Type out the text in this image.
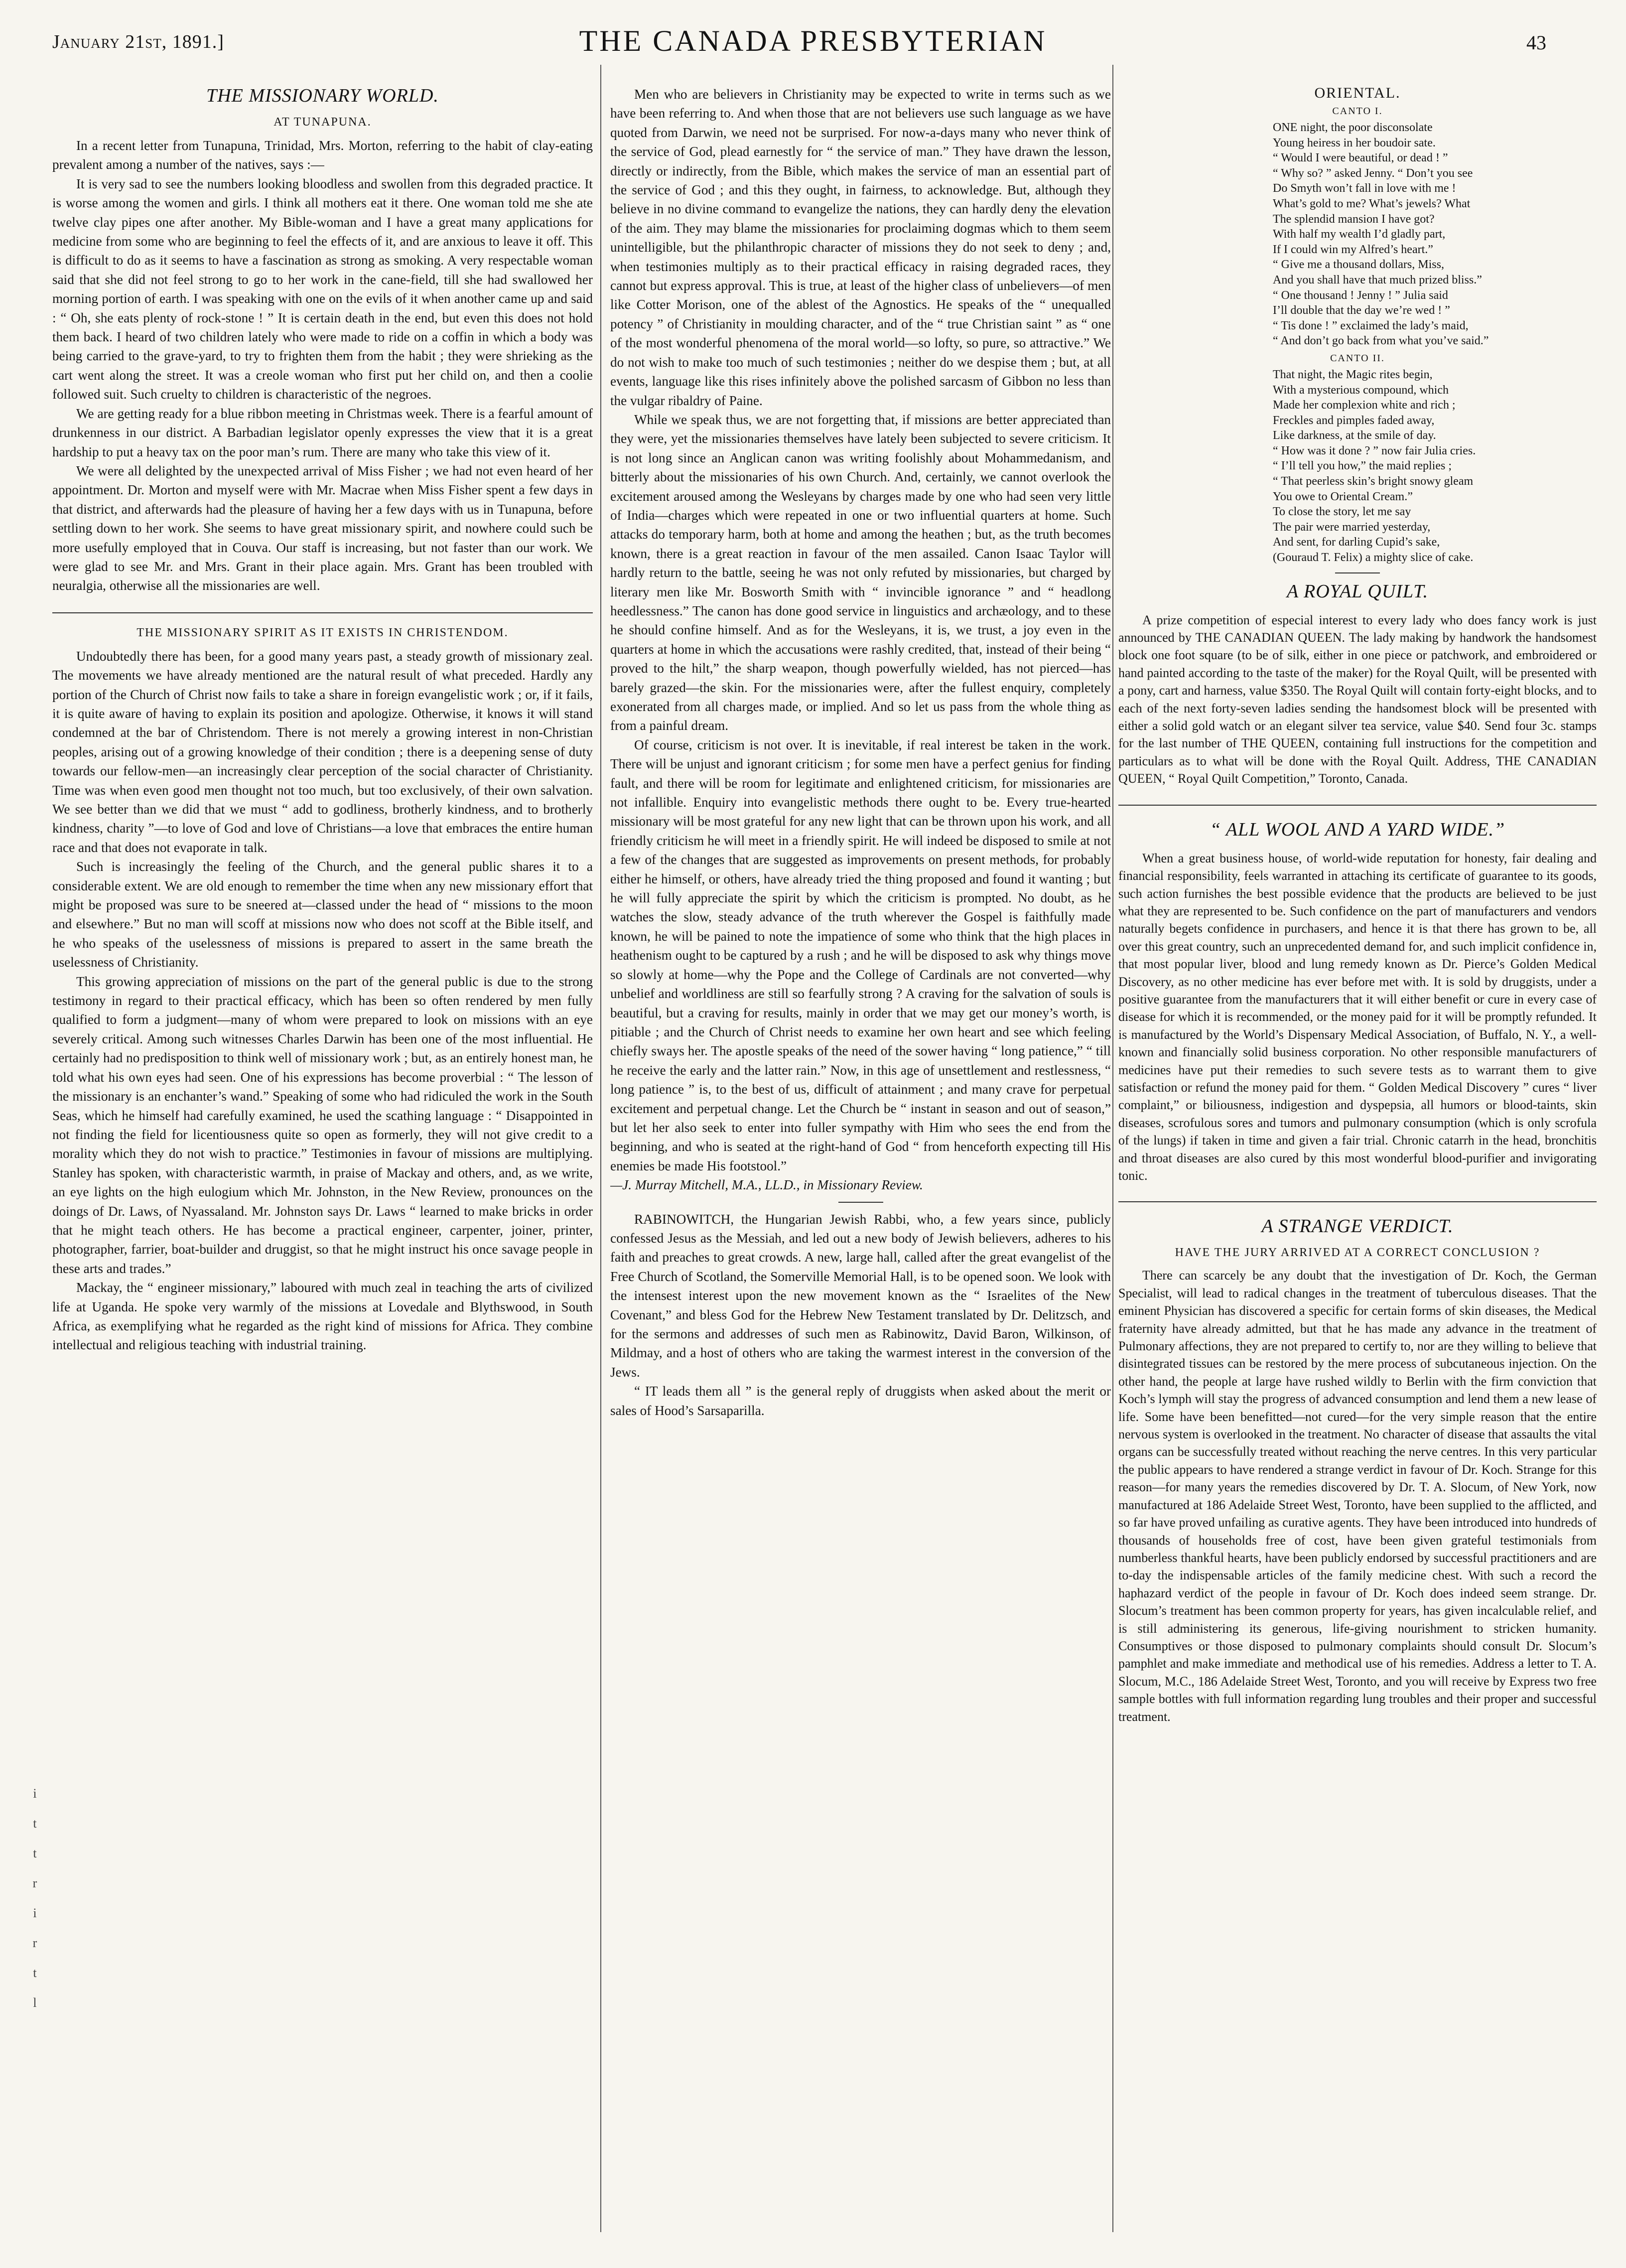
January 21st, 1891.]	THE CANADA PRESBYTERIAN	43
i
t
t
r
i
r
t
l
THE MISSIONARY WORLD.
AT TUNAPUNA.

In a recent letter from Tunapuna, Trinidad, Mrs. Morton, referring to the habit of clay-eating prevalent among a number of the natives, says :—

It is very sad to see the numbers looking bloodless and swollen from this degraded practice. It is worse among the women and girls. I think all mothers eat it there. One woman told me she ate twelve clay pipes one after another. My Bible-woman and I have a great many applications for medicine from some who are beginning to feel the effects of it, and are anxious to leave it off. This is difficult to do as it seems to have a fascination as strong as smoking. A very respectable woman said that she did not feel strong to go to her work in the cane-field, till she had swallowed her morning portion of earth. I was speaking with one on the evils of it when another came up and said : “ Oh, she eats plenty of rock-stone ! ” It is certain death in the end, but even this does not hold them back. I heard of two children lately who were made to ride on a coffin in which a body was being carried to the grave-yard, to try to frighten them from the habit ; they were shrieking as the cart went along the street. It was a creole woman who first put her child on, and then a coolie followed suit. Such cruelty to children is characteristic of the negroes.

We are getting ready for a blue ribbon meeting in Christmas week. There is a fearful amount of drunkenness in our district. A Barbadian legislator openly expresses the view that it is a great hardship to put a heavy tax on the poor man’s rum. There are many who take this view of it.

We were all delighted by the unexpected arrival of Miss Fisher ; we had not even heard of her appointment. Dr. Morton and myself were with Mr. Macrae when Miss Fisher spent a few days in that district, and afterwards had the pleasure of having her a few days with us in Tunapuna, before settling down to her work. She seems to have great missionary spirit, and nowhere could such be more usefully employed that in Couva. Our staff is increasing, but not faster than our work. We were glad to see Mr. and Mrs. Grant in their place again. Mrs. Grant has been troubled with neuralgia, otherwise all the missionaries are well.

THE MISSIONARY SPIRIT AS IT EXISTS IN CHRISTENDOM.

Undoubtedly there has been, for a good many years past, a steady growth of missionary zeal. The movements we have already mentioned are the natural result of what preceded. Hardly any portion of the Church of Christ now fails to take a share in foreign evangelistic work ; or, if it fails, it is quite aware of having to explain its position and apologize. Otherwise, it knows it will stand condemned at the bar of Christendom. There is not merely a growing interest in non-Christian peoples, arising out of a growing knowledge of their condition ; there is a deepening sense of duty towards our fellow-men—an increasingly clear perception of the social character of Christianity. Time was when even good men thought not too much, but too exclusively, of their own salvation. We see better than we did that we must “ add to godliness, brotherly kindness, and to brotherly kindness, charity ”—to love of God and love of Christians—a love that embraces the entire human race and that does not evaporate in talk.

Such is increasingly the feeling of the Church, and the general public shares it to a considerable extent. We are old enough to remember the time when any new missionary effort that might be proposed was sure to be sneered at—classed under the head of “ missions to the moon and elsewhere.” But no man will scoff at missions now who does not scoff at the Bible itself, and he who speaks of the uselessness of missions is prepared to assert in the same breath the uselessness of Christianity.

This growing appreciation of missions on the part of the general public is due to the strong testimony in regard to their practical efficacy, which has been so often rendered by men fully qualified to form a judgment—many of whom were prepared to look on missions with an eye severely critical. Among such witnesses Charles Darwin has been one of the most influential. He certainly had no predisposition to think well of missionary work ; but, as an entirely honest man, he told what his own eyes had seen. One of his expressions has become proverbial : “ The lesson of the missionary is an enchanter’s wand.” Speaking of some who had ridiculed the work in the South Seas, which he himself had carefully examined, he used the scathing language : “ Disappointed in not finding the field for licentiousness quite so open as formerly, they will not give credit to a morality which they do not wish to practice.” Testimonies in favour of missions are multiplying. Stanley has spoken, with characteristic warmth, in praise of Mackay and others, and, as we write, an eye lights on the high eulogium which Mr. Johnston, in the New Review, pronounces on the doings of Dr. Laws, of Nyassaland. Mr. Johnston says Dr. Laws “ learned to make bricks in order that he might teach others. He has become a practical engineer, carpenter, joiner, printer, photographer, farrier, boat-builder and druggist, so that he might instruct his once savage people in these arts and trades.”

Mackay, the “ engineer missionary,” laboured with much zeal in teaching the arts of civilized life at Uganda. He spoke very warmly of the missions at Lovedale and Blythswood, in South Africa, as exemplifying what he regarded as the right kind of missions for Africa. They combine intellectual and religious teaching with industrial training.

Men who are believers in Christianity may be expected to write in terms such as we have been referring to. And when those that are not believers use such language as we have quoted from Darwin, we need not be surprised. For now-a-days many who never think of the service of God, plead earnestly for “ the service of man.” They have drawn the lesson, directly or indirectly, from the Bible, which makes the service of man an essential part of the service of God ; and this they ought, in fairness, to acknowledge. But, although they believe in no divine command to evangelize the nations, they can hardly deny the elevation of the aim. They may blame the missionaries for proclaiming dogmas which to them seem unintelligible, but the philanthropic character of missions they do not seek to deny ; and, when testimonies multiply as to their practical efficacy in raising degraded races, they cannot but express approval. This is true, at least of the higher class of unbelievers—of men like Cotter Morison, one of the ablest of the Agnostics. He speaks of the “ unequalled potency ” of Christianity in moulding character, and of the “ true Christian saint ” as “ one of the most wonderful phenomena of the moral world—so lofty, so pure, so attractive.” We do not wish to make too much of such testimonies ; neither do we despise them ; but, at all events, language like this rises infinitely above the polished sarcasm of Gibbon no less than the vulgar ribaldry of Paine.

While we speak thus, we are not forgetting that, if missions are better appreciated than they were, yet the missionaries themselves have lately been subjected to severe criticism. It is not long since an Anglican canon was writing foolishly about Mohammedanism, and bitterly about the missionaries of his own Church. And, certainly, we cannot overlook the excitement aroused among the Wesleyans by charges made by one who had seen very little of India—charges which were repeated in one or two influential quarters at home. Such attacks do temporary harm, both at home and among the heathen ; but, as the truth becomes known, there is a great reaction in favour of the men assailed. Canon Isaac Taylor will hardly return to the battle, seeing he was not only refuted by missionaries, but charged by literary men like Mr. Bosworth Smith with “ invincible ignorance ” and “ headlong heedlessness.” The canon has done good service in linguistics and archæology, and to these he should confine himself. And as for the Wesleyans, it is, we trust, a joy even in the quarters at home in which the accusations were rashly credited, that, instead of their being “ proved to the hilt,” the sharp weapon, though powerfully wielded, has not pierced—has barely grazed—the skin. For the missionaries were, after the fullest enquiry, completely exonerated from all charges made, or implied. And so let us pass from the whole thing as from a painful dream.

Of course, criticism is not over. It is inevitable, if real interest be taken in the work. There will be unjust and ignorant criticism ; for some men have a perfect genius for finding fault, and there will be room for legitimate and enlightened criticism, for missionaries are not infallible. Enquiry into evangelistic methods there ought to be. Every true-hearted missionary will be most grateful for any new light that can be thrown upon his work, and all friendly criticism he will meet in a friendly spirit. He will indeed be disposed to smile at not a few of the changes that are suggested as improvements on present methods, for probably either he himself, or others, have already tried the thing proposed and found it wanting ; but he will fully appreciate the spirit by which the criticism is prompted. No doubt, as he watches the slow, steady advance of the truth wherever the Gospel is faithfully made known, he will be pained to note the impatience of some who think that the high places in heathenism ought to be captured by a rush ; and he will be disposed to ask why things move so slowly at home—why the Pope and the College of Cardinals are not converted—why unbelief and worldliness are still so fearfully strong ? A craving for the salvation of souls is beautiful, but a craving for results, mainly in order that we may get our money’s worth, is pitiable ; and the Church of Christ needs to examine her own heart and see which feeling chiefly sways her. The apostle speaks of the need of the sower having “ long patience,” “ till he receive the early and the latter rain.” Now, in this age of unsettlement and restlessness, “ long patience ” is, to the best of us, difficult of attainment ; and many crave for perpetual excitement and perpetual change. Let the Church be “ instant in season and out of season,” but let her also seek to enter into fuller sympathy with Him who sees the end from the beginning, and who is seated at the right-hand of God “ from henceforth expecting till His enemies be made His footstool.”

—J. Murray Mitchell, M.A., LL.D., in Missionary Review.

RABINOWITCH, the Hungarian Jewish Rabbi, who, a few years since, publicly confessed Jesus as the Messiah, and led out a new body of Jewish believers, adheres to his faith and preaches to great crowds. A new, large hall, called after the great evangelist of the Free Church of Scotland, the Somerville Memorial Hall, is to be opened soon. We look with the intensest interest upon the new movement known as the “ Israelites of the New Covenant,” and bless God for the Hebrew New Testament translated by Dr. Delitzsch, and for the sermons and addresses of such men as Rabinowitz, David Baron, Wilkinson, of Mildmay, and a host of others who are taking the warmest interest in the conversion of the Jews.

“ IT leads them all ” is the general reply of druggists when asked about the merit or sales of Hood’s Sarsaparilla.

ORIENTAL.
CANTO I.
ONE night, the poor disconsolate
Young heiress in her boudoir sate.
“ Would I were beautiful, or dead ! ”
“ Why so? ” asked Jenny. “ Don’t you see
Do Smyth won’t fall in love with me !
What’s gold to me? What’s jewels? What
The splendid mansion I have got?
With half my wealth I’d gladly part,
If I could win my Alfred’s heart.”
“ Give me a thousand dollars, Miss,
And you shall have that much prized bliss.”
“ One thousand ! Jenny ! ” Julia said
I’ll double that the day we’re wed ! ”
“ Tis done ! ” exclaimed the lady’s maid,
“ And don’t go back from what you’ve said.”
CANTO II.
That night, the Magic rites begin,
With a mysterious compound, which
Made her complexion white and rich ;
Freckles and pimples faded away,
Like darkness, at the smile of day.
“ How was it done ? ” now fair Julia cries.
“ I’ll tell you how,” the maid replies ;
“ That peerless skin’s bright snowy gleam
You owe to Oriental Cream.”
To close the story, let me say
The pair were married yesterday,
And sent, for darling Cupid’s sake,
(Gouraud T. Felix) a mighty slice of cake.
A ROYAL QUILT.

A prize competition of especial interest to every lady who does fancy work is just announced by THE CANADIAN QUEEN. The lady making by handwork the handsomest block one foot square (to be of silk, either in one piece or patchwork, and embroidered or hand painted according to the taste of the maker) for the Royal Quilt, will be presented with a pony, cart and harness, value $350. The Royal Quilt will contain forty-eight blocks, and to each of the next forty-seven ladies sending the handsomest block will be presented with either a solid gold watch or an elegant silver tea service, value $40. Send four 3c. stamps for the last number of THE QUEEN, containing full instructions for the competition and particulars as to what will be done with the Royal Quilt. Address, THE CANADIAN QUEEN, “ Royal Quilt Competition,” Toronto, Canada.

“ ALL WOOL AND A YARD WIDE.”

When a great business house, of world-wide reputation for honesty, fair dealing and financial responsibility, feels warranted in attaching its certificate of guarantee to its goods, such action furnishes the best possible evidence that the products are believed to be just what they are represented to be. Such confidence on the part of manufacturers and vendors naturally begets confidence in purchasers, and hence it is that there has grown to be, all over this great country, such an unprecedented demand for, and such implicit confidence in, that most popular liver, blood and lung remedy known as Dr. Pierce’s Golden Medical Discovery, as no other medicine has ever before met with. It is sold by druggists, under a positive guarantee from the manufacturers that it will either benefit or cure in every case of disease for which it is recommended, or the money paid for it will be promptly refunded. It is manufactured by the World’s Dispensary Medical Association, of Buffalo, N. Y., a well-known and financially solid business corporation. No other responsible manufacturers of medicines have put their remedies to such severe tests as to warrant them to give satisfaction or refund the money paid for them. “ Golden Medical Discovery ” cures “ liver complaint,” or biliousness, indigestion and dyspepsia, all humors or blood-taints, skin diseases, scrofulous sores and tumors and pulmonary consumption (which is only scrofula of the lungs) if taken in time and given a fair trial. Chronic catarrh in the head, bronchitis and throat diseases are also cured by this most wonderful blood-purifier and invigorating tonic.

A STRANGE VERDICT.
HAVE THE JURY ARRIVED AT A CORRECT CONCLUSION ?

There can scarcely be any doubt that the investigation of Dr. Koch, the German Specialist, will lead to radical changes in the treatment of tuberculous diseases. That the eminent Physician has discovered a specific for certain forms of skin diseases, the Medical fraternity have already admitted, but that he has made any advance in the treatment of Pulmonary affections, they are not prepared to certify to, nor are they willing to believe that disintegrated tissues can be restored by the mere process of subcutaneous injection. On the other hand, the people at large have rushed wildly to Berlin with the firm conviction that Koch’s lymph will stay the progress of advanced consumption and lend them a new lease of life. Some have been benefitted—not cured—for the very simple reason that the entire nervous system is overlooked in the treatment. No character of disease that assaults the vital organs can be successfully treated without reaching the nerve centres. In this very particular the public appears to have rendered a strange verdict in favour of Dr. Koch. Strange for this reason—for many years the remedies discovered by Dr. T. A. Slocum, of New York, now manufactured at 186 Adelaide Street West, Toronto, have been supplied to the afflicted, and so far have proved unfailing as curative agents. They have been introduced into hundreds of thousands of households free of cost, have been given grateful testimonials from numberless thankful hearts, have been publicly endorsed by successful practitioners and are to-day the indispensable articles of the family medicine chest. With such a record the haphazard verdict of the people in favour of Dr. Koch does indeed seem strange. Dr. Slocum’s treatment has been common property for years, has given incalculable relief, and is still administering its generous, life-giving nourishment to stricken humanity. Consumptives or those disposed to pulmonary complaints should consult Dr. Slocum’s pamphlet and make immediate and methodical use of his remedies. Address a letter to T. A. Slocum, M.C., 186 Adelaide Street West, Toronto, and you will receive by Express two free sample bottles with full information regarding lung troubles and their proper and successful treatment.
